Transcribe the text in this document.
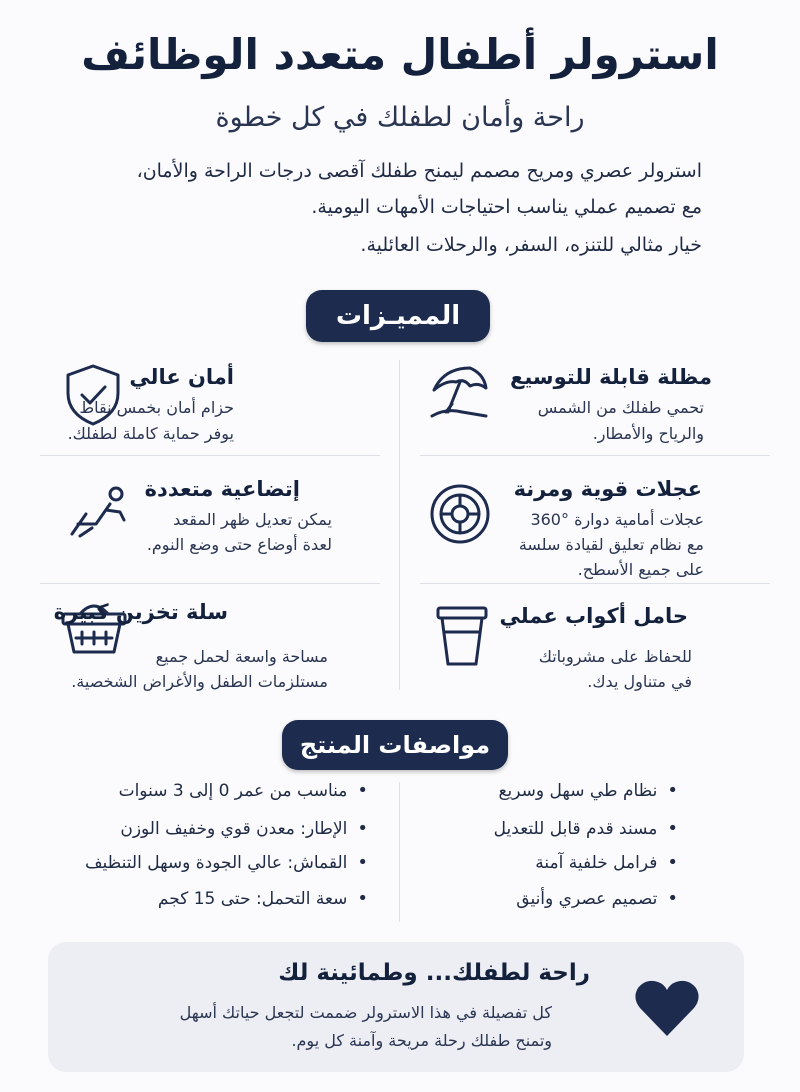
استرولر أطفال متعدد الوظائف
راحة وأمان لطفلك في كل خطوة
استرولر عصري ومريح مصمم ليمنح طفلك آقصى درجات الراحة والأمان،
مع تصميم عملي يناسب احتياجات الأمهات اليومية.
خيار مثالي للتنزه، السفر، والرحلات العائلية.
المميـزات
مظلة قابلة للتوسيع
تحمي طفلك من الشمس
والرياح والأمطار.
أمان عالي
حزام أمان بخمس نقاط
يوفر حماية كاملة لطفلك.
عجلات قوية ومرنة
عجلات أمامية دوارة °360
مع نظام تعليق لقيادة سلسة
على جميع الأسطح.
إتضاعية متعددة
يمكن تعديل ظهر المقعد
لعدة أوضاع حتى وضع النوم.
حامل أكواب عملي
للحفاظ على مشروباتك
في متناول يدك.
سلة تخزين كبيرة
مساحة واسعة لحمل جميع
مستلزمات الطفل والأغراض الشخصية.
مواصفات المنتج
• نظام طي سهل وسريع
• مسند قدم قابل للتعديل
• فرامل خلفية آمنة
• تصميم عصري وأنيق
• مناسب من عمر 0 إلى 3 سنوات
• الإطار: معدن قوي وخفيف الوزن
• القماش: عالي الجودة وسهل التنظيف
• سعة التحمل: حتى 15 كجم
راحة لطفلك... وطمائينة لك
كل تفصيلة في هذا الاسترولر ضممت لتجعل حياتك أسهل
وتمنح طفلك رحلة مريحة وآمنة كل يوم.
